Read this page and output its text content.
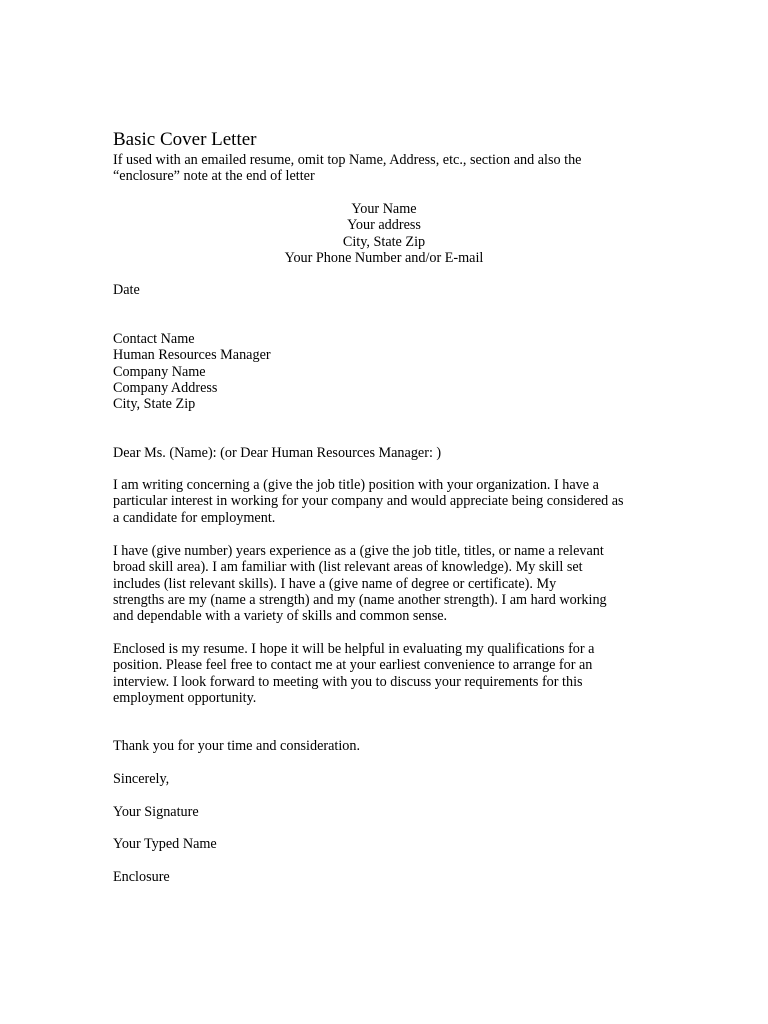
Basic Cover Letter
If used with an emailed resume, omit top Name, Address, etc., section and also the
“enclosure” note at the end of letter
Your Name
Your address
City, State Zip
Your Phone Number and/or E-mail
Date
Contact Name
Human Resources Manager
Company Name
Company Address
City, State Zip
Dear Ms. (Name): (or Dear Human Resources Manager: )
I am writing concerning a (give the job title) position with your organization. I have a
particular interest in working for your company and would appreciate being considered as
a candidate for employment.
I have (give number) years experience as a (give the job title, titles, or name a relevant
broad skill area). I am familiar with (list relevant areas of knowledge). My skill set
includes (list relevant skills). I have a (give name of degree or certificate). My
strengths are my (name a strength) and my (name another strength). I am hard working
and dependable with a variety of skills and common sense.
Enclosed is my resume. I hope it will be helpful in evaluating my qualifications for a
position. Please feel free to contact me at your earliest convenience to arrange for an
interview. I look forward to meeting with you to discuss your requirements for this
employment opportunity.
Thank you for your time and consideration.
Sincerely,
Your Signature
Your Typed Name
Enclosure
